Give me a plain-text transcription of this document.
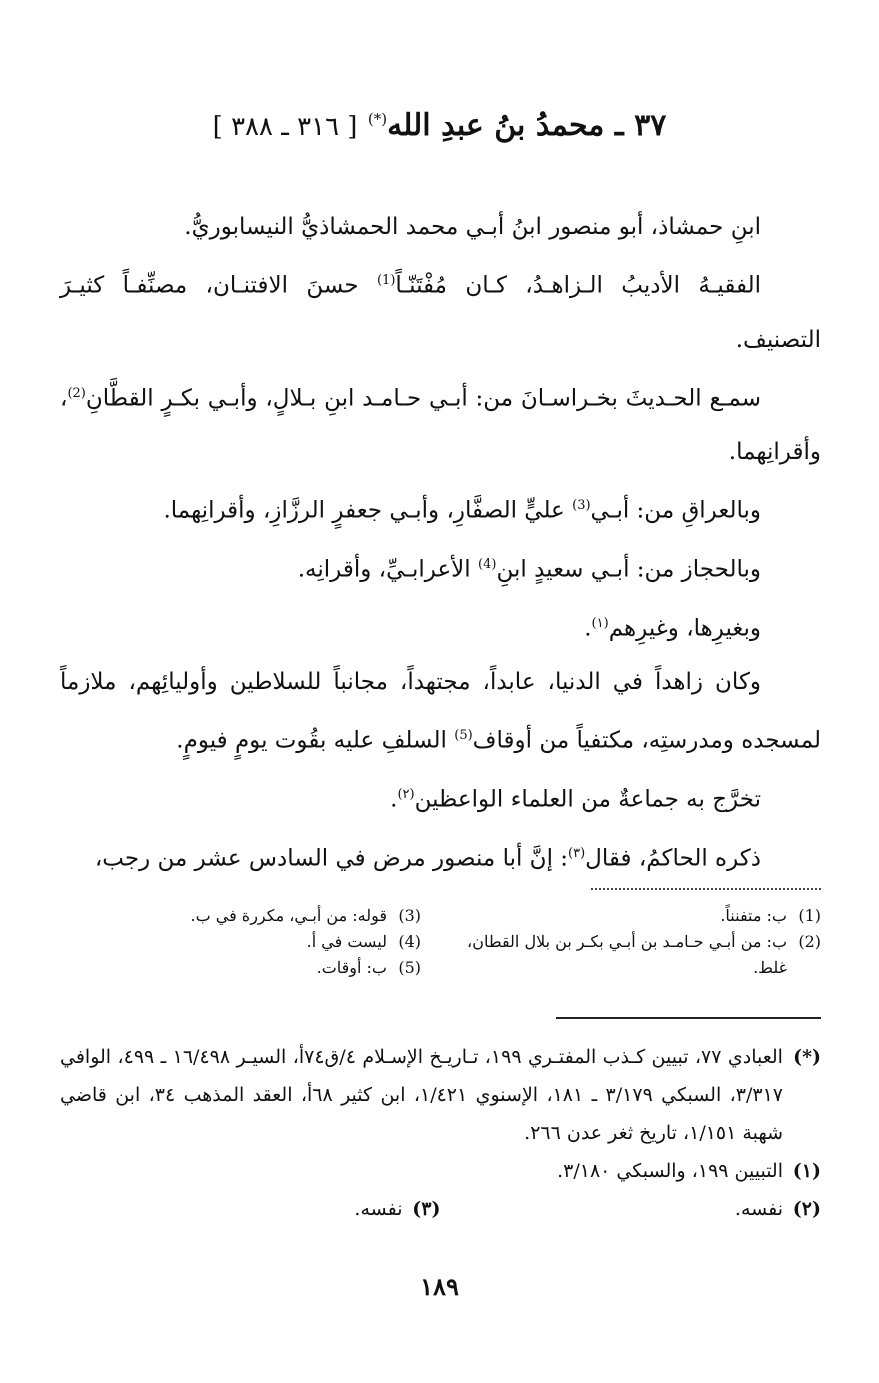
٣٧ ـ محمدُ بنُ عبدِ الله(*) [ ٣١٦ ـ ٣٨٨ ]

ابنِ حمشاذ، أبو منصور ابنُ أبـي محمد الحمشاذيُّ النيسابوريُّ.

الفقيـهُ الأديبُ الـزاهـدُ، كـان مُفْتَنّـاً$^{(1)}$ حسنَ الافتنـان، مصنِّفـاً كثيـرَ التصنيف.

سمـع الحـديثَ بخـراسـانَ من: أبـي حـامـد ابنِ بـلالٍ، وأبـي بكـرٍ القطَّانِ$^{(2)}$، وأقرانِهما.

وبالعراقِ من: أبـي$^{(3)}$ عليٍّ الصفَّارِ، وأبـي جعفرٍ الرزَّازِ، وأقرانِهما.

وبالحجاز من: أبـي سعيدٍ ابنِ$^{(4)}$ الأعرابـيِّ، وأقرانِه.

وبغيرِها، وغيرِهم$^{(١)}$.

وكان زاهداً في الدنيا، عابداً، مجتهداً، مجانباً للسلاطين وأوليائِهم، ملازماً لمسجده ومدرستِه، مكتفياً من أوقاف$^{(5)}$ السلفِ عليه بقُوت يومٍ فيومٍ.

تخرَّج به جماعةٌ من العلماء الواعظين$^{(٢)}$.

ذكره الحاكمُ، فقال$^{(٣)}$: إنَّ أبا منصور مرض في السادس عشر من رجب،

(1)
ب: متفنناً.
(2)
ب: من أبـي حـامـد بن أبـي بكـر بن بلال القطان، غلط.
(3)
قوله: من أبـي، مكررة في ب.
(4)
ليست في أ.
(5)
ب: أوقات.
(*)
العبادي ٧٧، تبيين كـذب المفتـري ١٩٩، تـاريـخ الإسـلام ٤/ق٧٤أ، السيـر ١٦/٤٩٨ ـ ٤٩٩، الوافي ٣/٣١٧، السبكي ٣/١٧٩ ـ ١٨١، الإسنوي ١/٤٢١، ابن كثير ٦٨أ، العقد المذهب ٣٤، ابن قاضي شهبة ١/١٥١، تاريخ ثغر عدن ٢٦٦.
(١)
التبيين ١٩٩، والسبكي ٣/١٨٠.
(٢)
نفسه.
(٣)
نفسه.
١٨٩
